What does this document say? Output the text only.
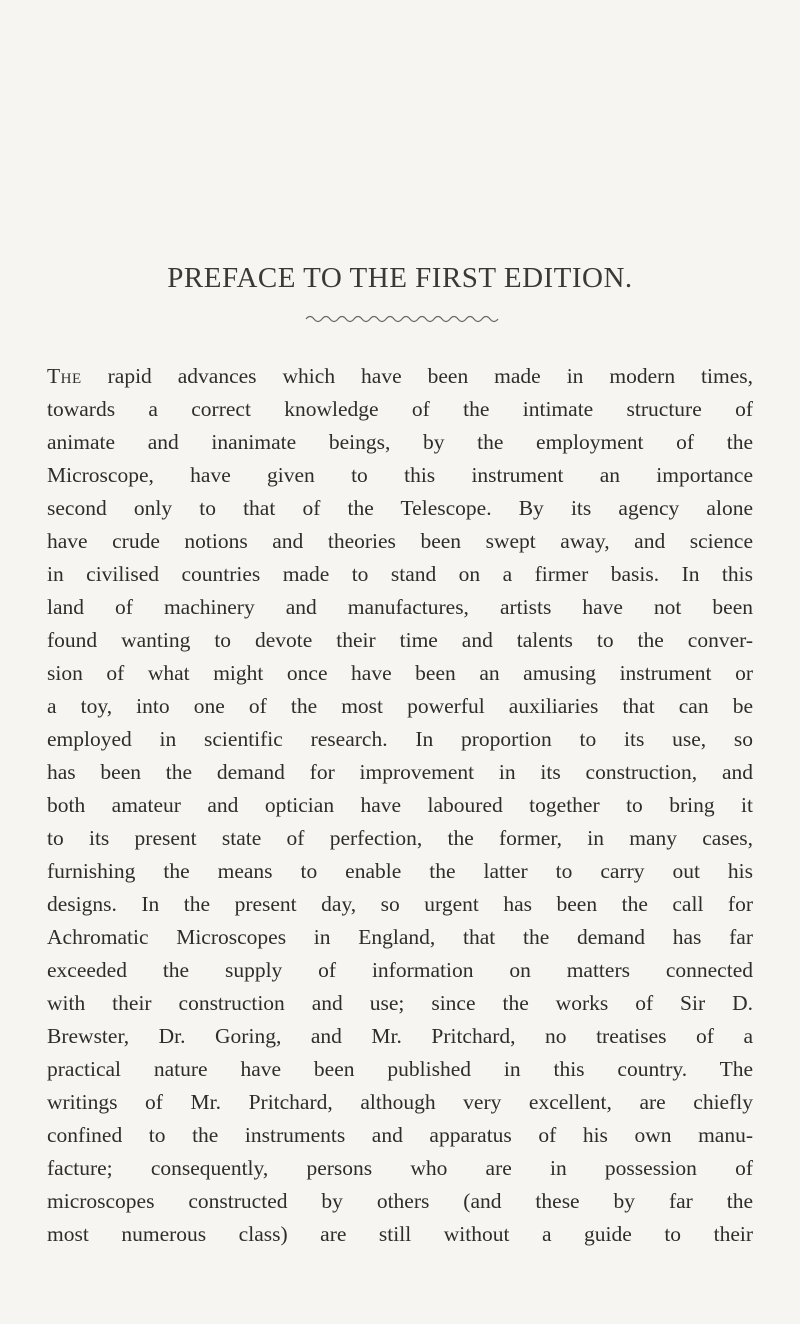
PREFACE TO THE FIRST EDITION.
The rapid advances which have been made in modern times,
towards a correct knowledge of the intimate structure of
animate and inanimate beings, by the employment of the
Microscope, have given to this instrument an importance
second only to that of the Telescope. By its agency alone
have crude notions and theories been swept away, and science
in civilised countries made to stand on a firmer basis. In this
land of machinery and manufactures, artists have not been
found wanting to devote their time and talents to the conver-
sion of what might once have been an amusing instrument or
a toy, into one of the most powerful auxiliaries that can be
employed in scientific research. In proportion to its use, so
has been the demand for improvement in its construction, and
both amateur and optician have laboured together to bring it
to its present state of perfection, the former, in many cases,
furnishing the means to enable the latter to carry out his
designs. In the present day, so urgent has been the call for
Achromatic Microscopes in England, that the demand has far
exceeded the supply of information on matters connected
with their construction and use; since the works of Sir D.
Brewster, Dr. Goring, and Mr. Pritchard, no treatises of a
practical nature have been published in this country. The
writings of Mr. Pritchard, although very excellent, are chiefly
confined to the instruments and apparatus of his own manu-
facture; consequently, persons who are in possession of
microscopes constructed by others (and these by far the
most numerous class) are still without a guide to their
